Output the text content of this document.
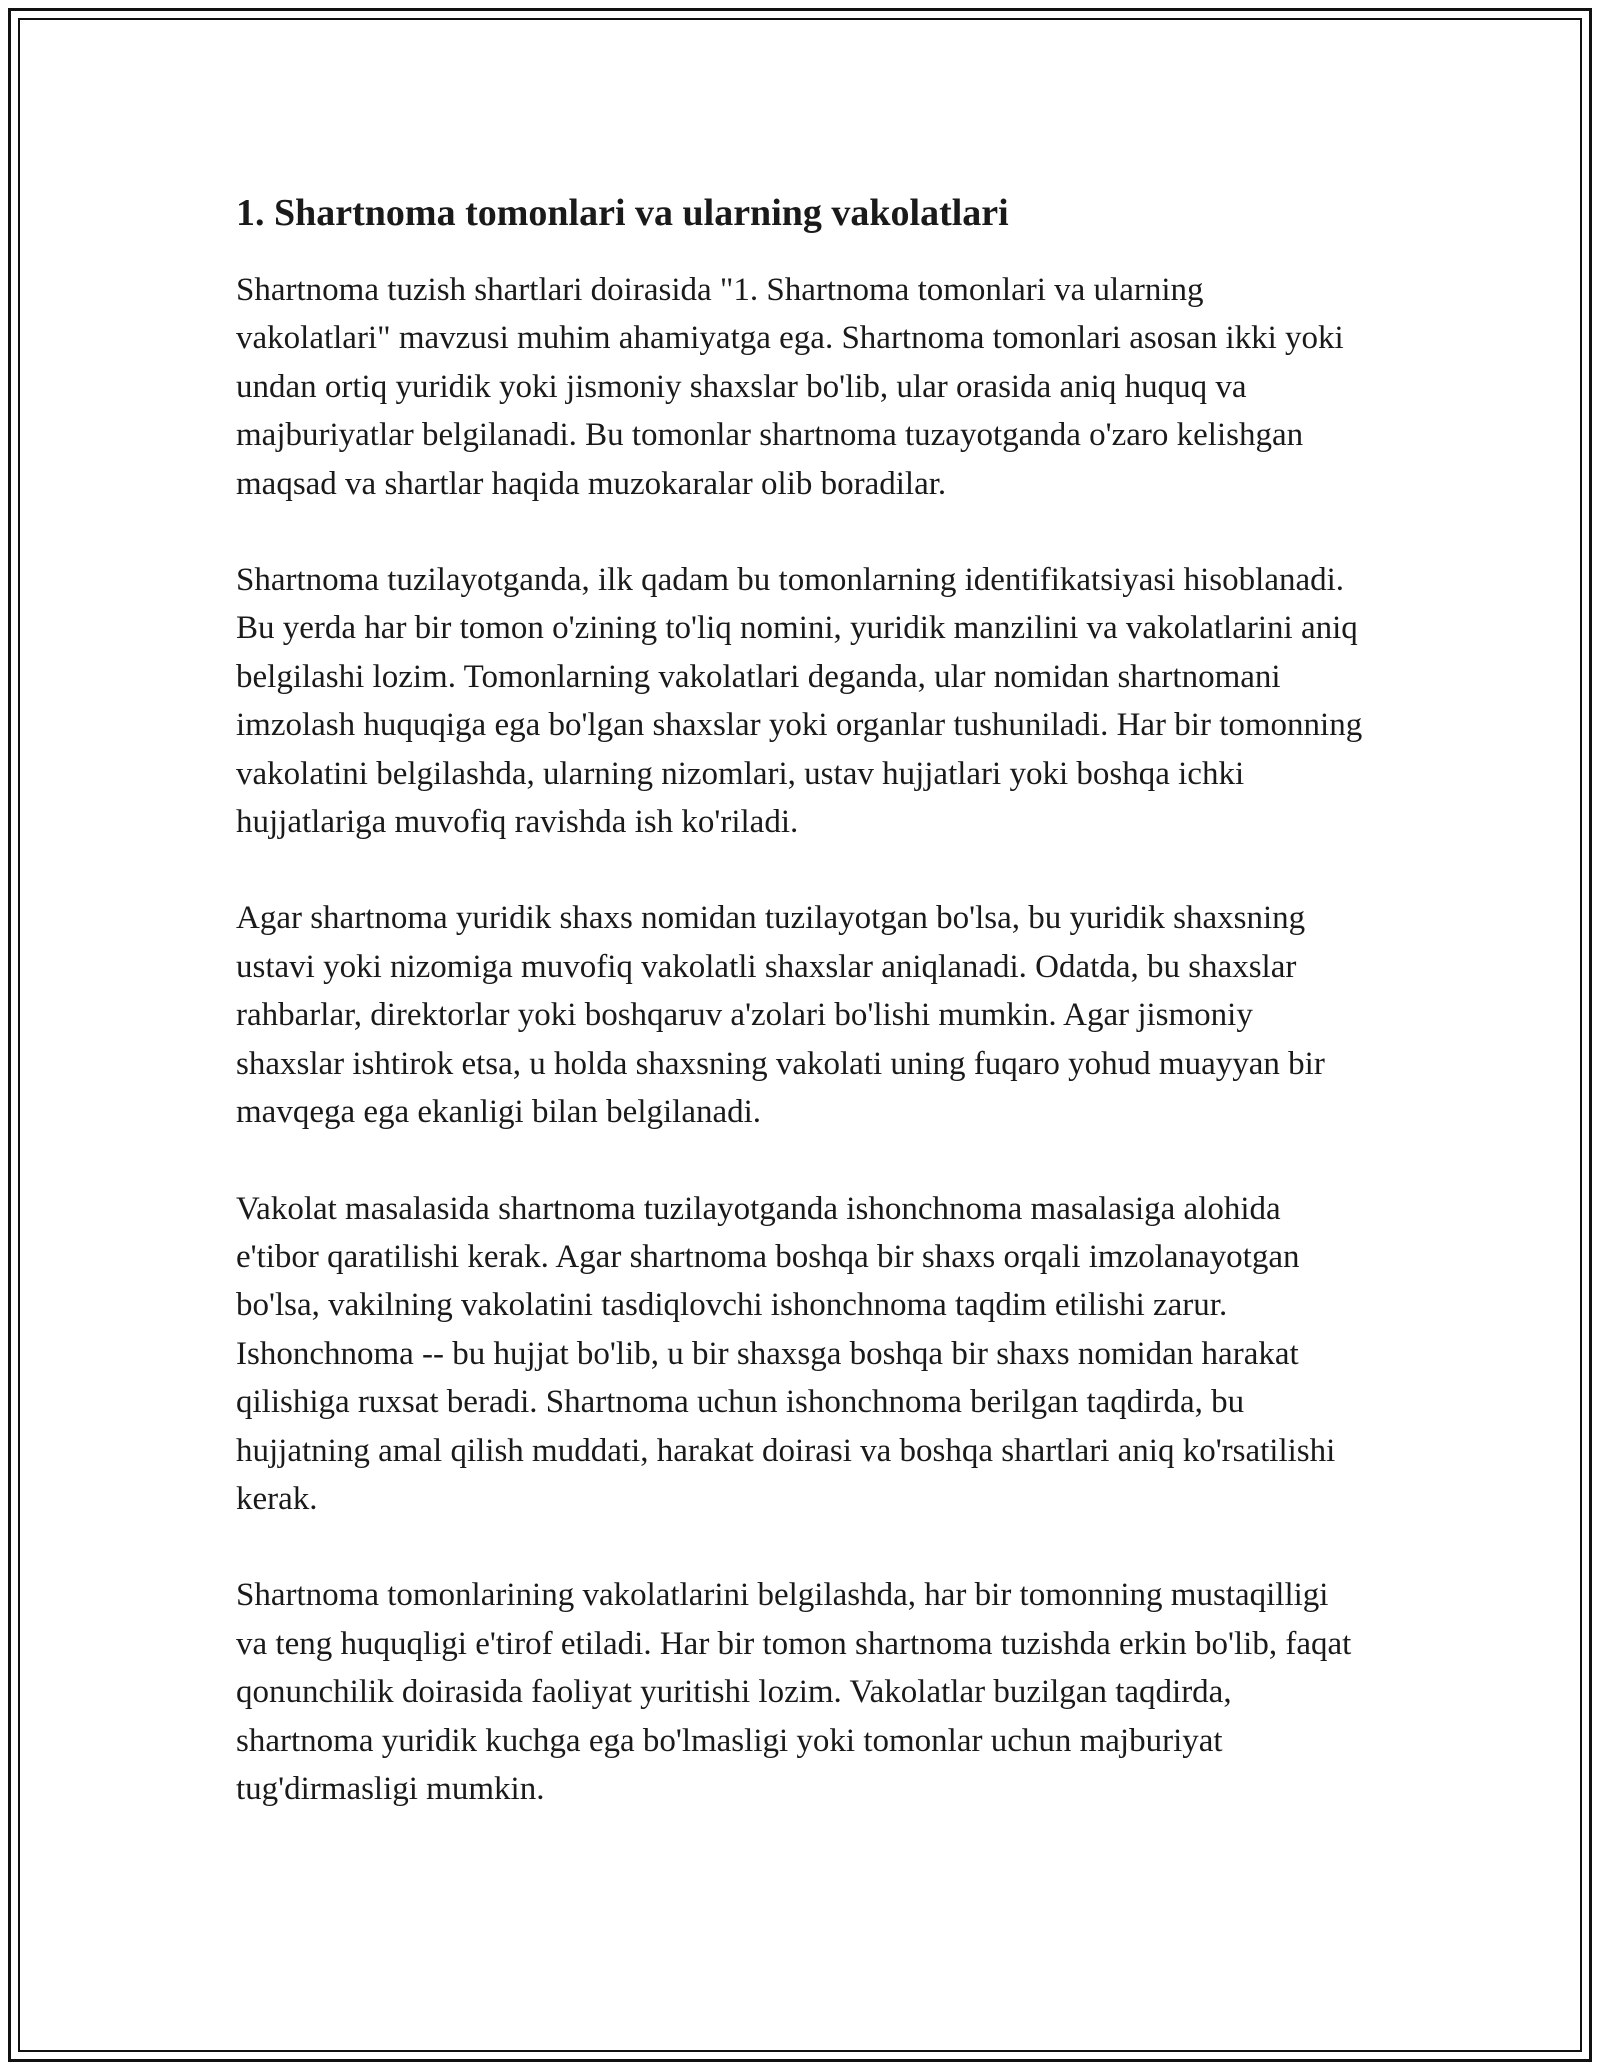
1. Shartnoma tomonlari va ularning vakolatlari

Shartnoma tuzish shartlari doirasida "1. Shartnoma tomonlari va ularning vakolatlari" mavzusi muhim ahamiyatga ega. Shartnoma tomonlari asosan ikki yoki undan ortiq yuridik yoki jismoniy shaxslar bo'lib, ular orasida aniq huquq va majburiyatlar belgilanadi. Bu tomonlar shartnoma tuzayotganda o'zaro kelishgan maqsad va shartlar haqida muzokaralar olib boradilar.

Shartnoma tuzilayotganda, ilk qadam bu tomonlarning identifikatsiyasi hisoblanadi. Bu yerda har bir tomon o'zining to'liq nomini, yuridik manzilini va vakolatlarini aniq belgilashi lozim. Tomonlarning vakolatlari deganda, ular nomidan shartnomani imzolash huquqiga ega bo'lgan shaxslar yoki organlar tushuniladi. Har bir tomonning vakolatini belgilashda, ularning nizomlari, ustav hujjatlari yoki boshqa ichki hujjatlariga muvofiq ravishda ish ko'riladi.

Agar shartnoma yuridik shaxs nomidan tuzilayotgan bo'lsa, bu yuridik shaxsning ustavi yoki nizomiga muvofiq vakolatli shaxslar aniqlanadi. Odatda, bu shaxslar rahbarlar, direktorlar yoki boshqaruv a'zolari bo'lishi mumkin. Agar jismoniy shaxslar ishtirok etsa, u holda shaxsning vakolati uning fuqaro yohud muayyan bir mavqega ega ekanligi bilan belgilanadi.

Vakolat masalasida shartnoma tuzilayotganda ishonchnoma masalasiga alohida e'tibor qaratilishi kerak. Agar shartnoma boshqa bir shaxs orqali imzolanayotgan bo'lsa, vakilning vakolatini tasdiqlovchi ishonchnoma taqdim etilishi zarur. Ishonchnoma -- bu hujjat bo'lib, u bir shaxsga boshqa bir shaxs nomidan harakat qilishiga ruxsat beradi. Shartnoma uchun ishonchnoma berilgan taqdirda, bu hujjatning amal qilish muddati, harakat doirasi va boshqa shartlari aniq ko'rsatilishi kerak.

Shartnoma tomonlarining vakolatlarini belgilashda, har bir tomonning mustaqilligi va teng huquqligi e'tirof etiladi. Har bir tomon shartnoma tuzishda erkin bo'lib, faqat qonunchilik doirasida faoliyat yuritishi lozim. Vakolatlar buzilgan taqdirda, shartnoma yuridik kuchga ega bo'lmasligi yoki tomonlar uchun majburiyat tug'dirmasligi mumkin.
